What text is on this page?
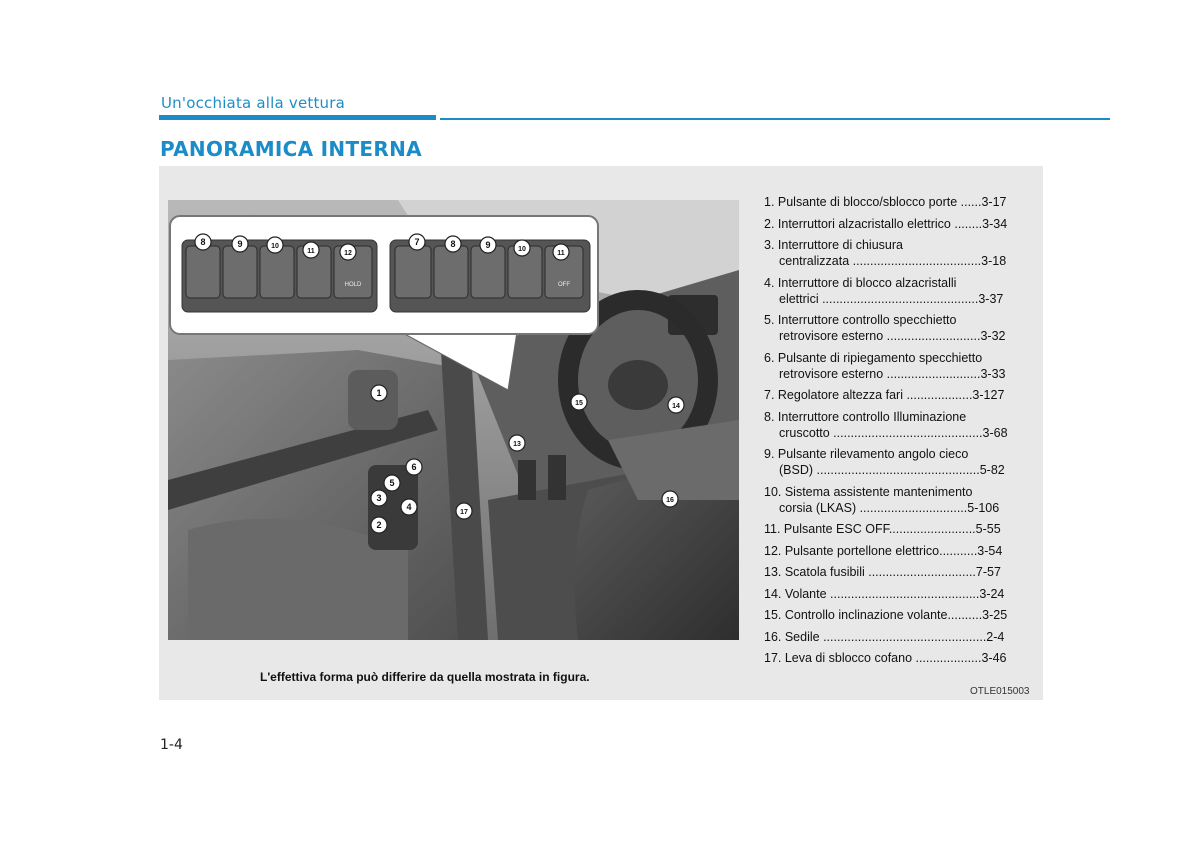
Un'occhiata alla vettura
PANORAMICA INTERNA
HOLD	OFF
8	9	10
11	12
7	8	9	10
11
1
2
3
4
5
6
13
14
15
16
17
1. Pulsante di blocco/sblocco porte ......3-17
2. Interruttori alzacristallo elettrico ........3-34
3. Interruttore di chiusura
centralizzata .....................................3-18
4. Interruttore di blocco alzacristalli
elettrici .............................................3-37
5. Interruttore controllo specchietto
retrovisore esterno ...........................3-32
6. Pulsante di ripiegamento specchietto
retrovisore esterno ...........................3-33
7. Regolatore altezza fari ...................3-127
8. Interruttore controllo Illuminazione
cruscotto ...........................................3-68
9. Pulsante rilevamento angolo cieco
(BSD) ...............................................5-82
10. Sistema assistente mantenimento
corsia (LKAS) ...............................5-106
11. Pulsante ESC OFF.........................5-55
12. Pulsante portellone elettrico...........3-54
13. Scatola fusibili ...............................7-57
14. Volante ...........................................3-24
15. Controllo inclinazione volante..........3-25
16. Sedile ...............................................2-4
17. Leva di sblocco cofano ...................3-46
L'effettiva forma può differire da quella mostrata in figura.
OTLE015003
1-4
